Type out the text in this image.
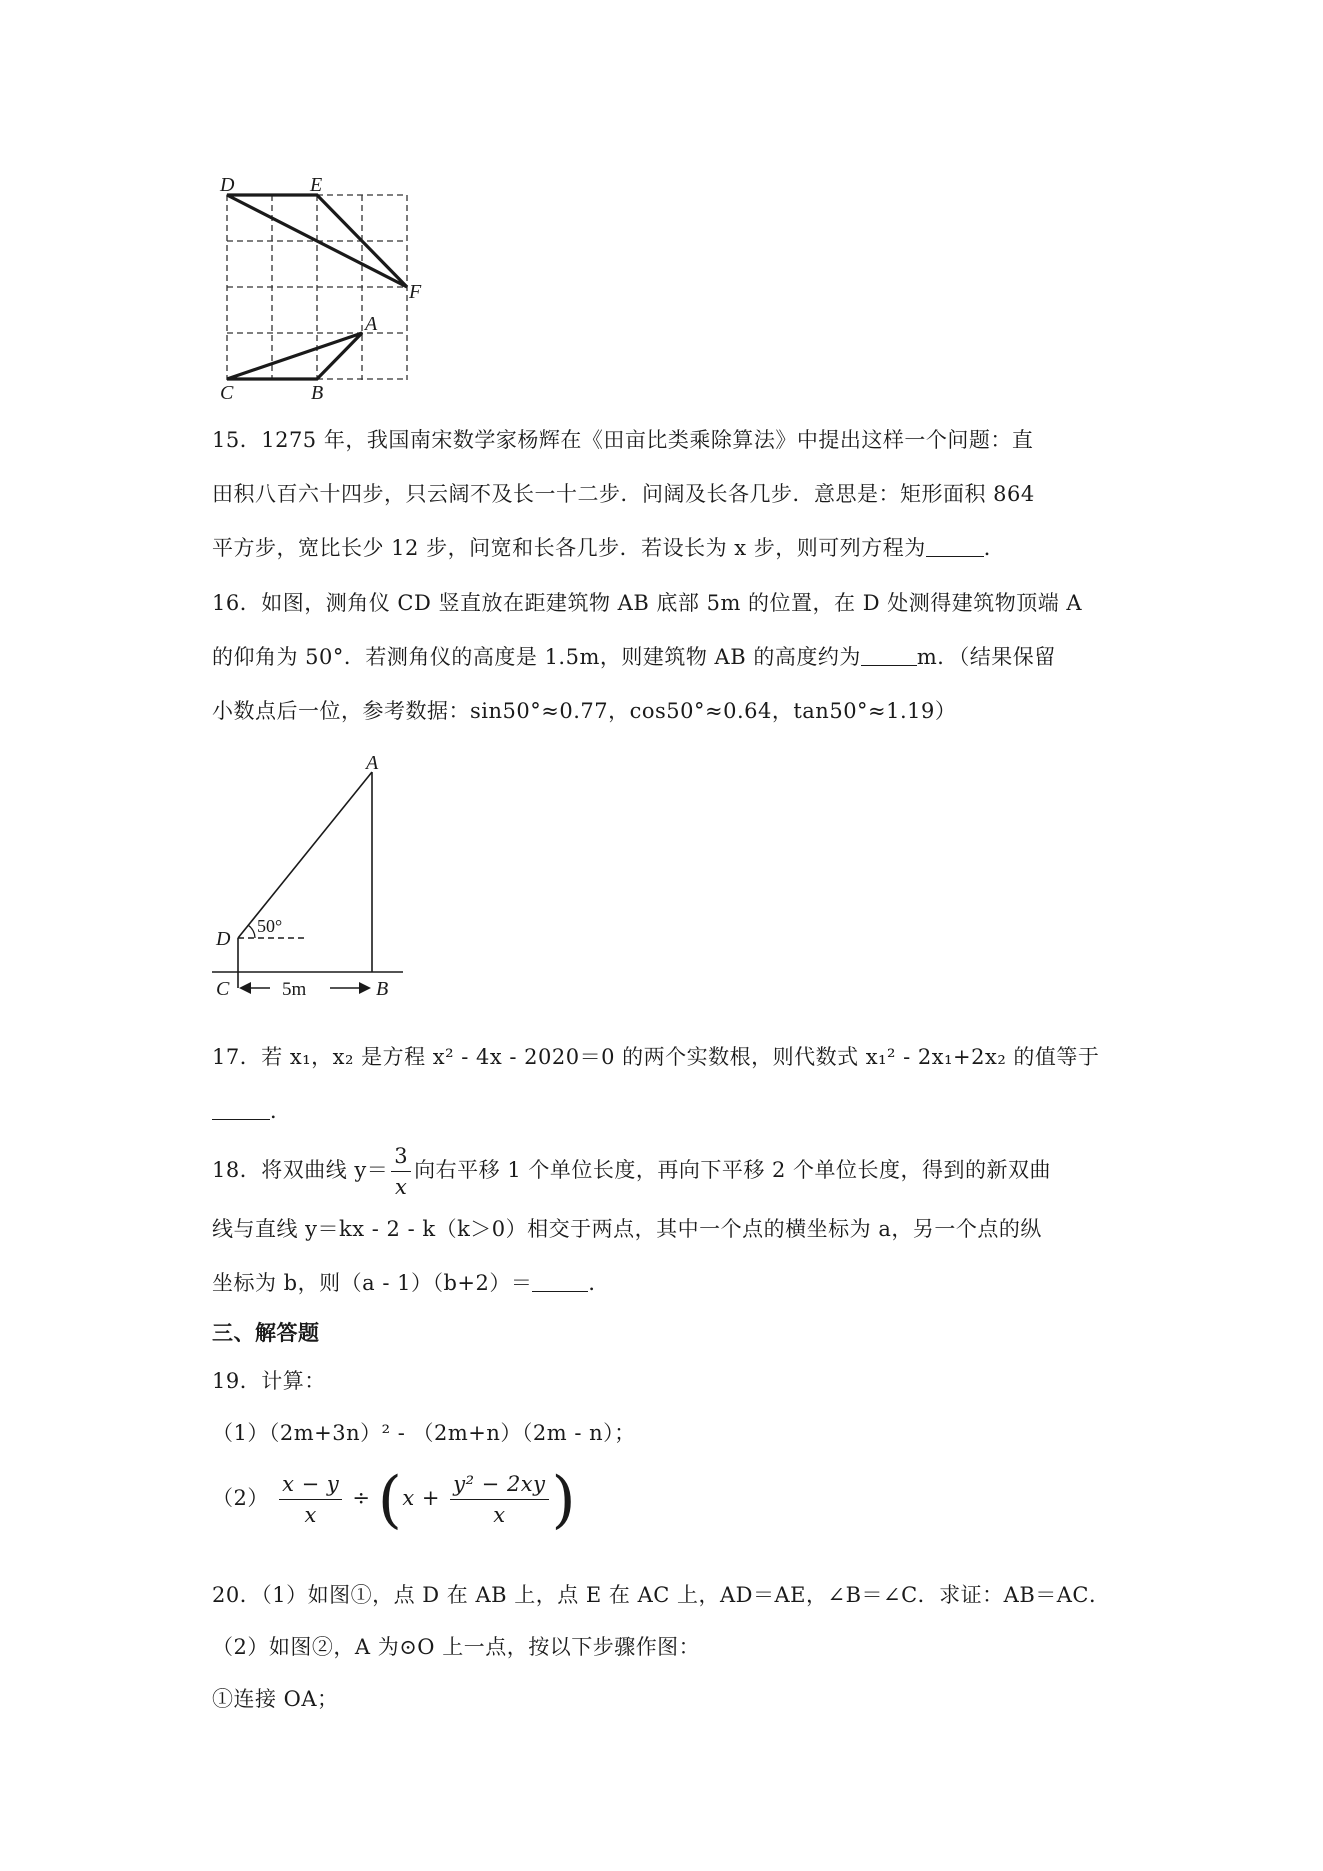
D	E
F
A
C	B
15．1275 年，我国南宋数学家杨辉在《田亩比类乘除算法》中提出这样一个问题：直
田积八百六十四步，只云阔不及长一十二步．问阔及长各几步．意思是：矩形面积 864
平方步，宽比长少 12 步，问宽和长各几步．若设长为 x 步，则可列方程为	．
16．如图，测角仪 CD 竖直放在距建筑物 AB 底部 5m 的位置，在 D 处测得建筑物顶端 A
的仰角为 50°．若测角仪的高度是 1.5m，则建筑物 AB 的高度约为	m．（结果保留
小数点后一位，参考数据：sin50°≈0.77，cos50°≈0.64，tan50°≈1.19）
A
D
C	B
50°
5m
17．若 x₁，x₂ 是方程 x² - 4x - 2020＝0 的两个实数根，则代数式 x₁² - 2x₁+2x₂ 的值等于
．
18．将双曲线 $y= \frac{3}{x}$ 向右平移 1 个单位长度，再向下平移 2 个单位长度，得到的新双曲
线与直线 y＝kx - 2 - k（k＞0）相交于两点，其中一个点的横坐标为 a，另一个点的纵
坐标为 b，则（a - 1）（b+2）＝	．
三、解答题
19．计算：
（1）（2m+3n）² - （2m+n）（2m - n）；
$(2) \frac{x - y}{x} \div (x + \frac{\text{y² − 2xy}}{x}$ )
20．（1）如图①，点 D 在 AB 上，点 E 在 AC 上，AD＝AE，∠B＝∠C．求证：AB＝AC．
（2）如图②，A 为⊙O 上一点，按以下步骤作图：
①连接 OA；
